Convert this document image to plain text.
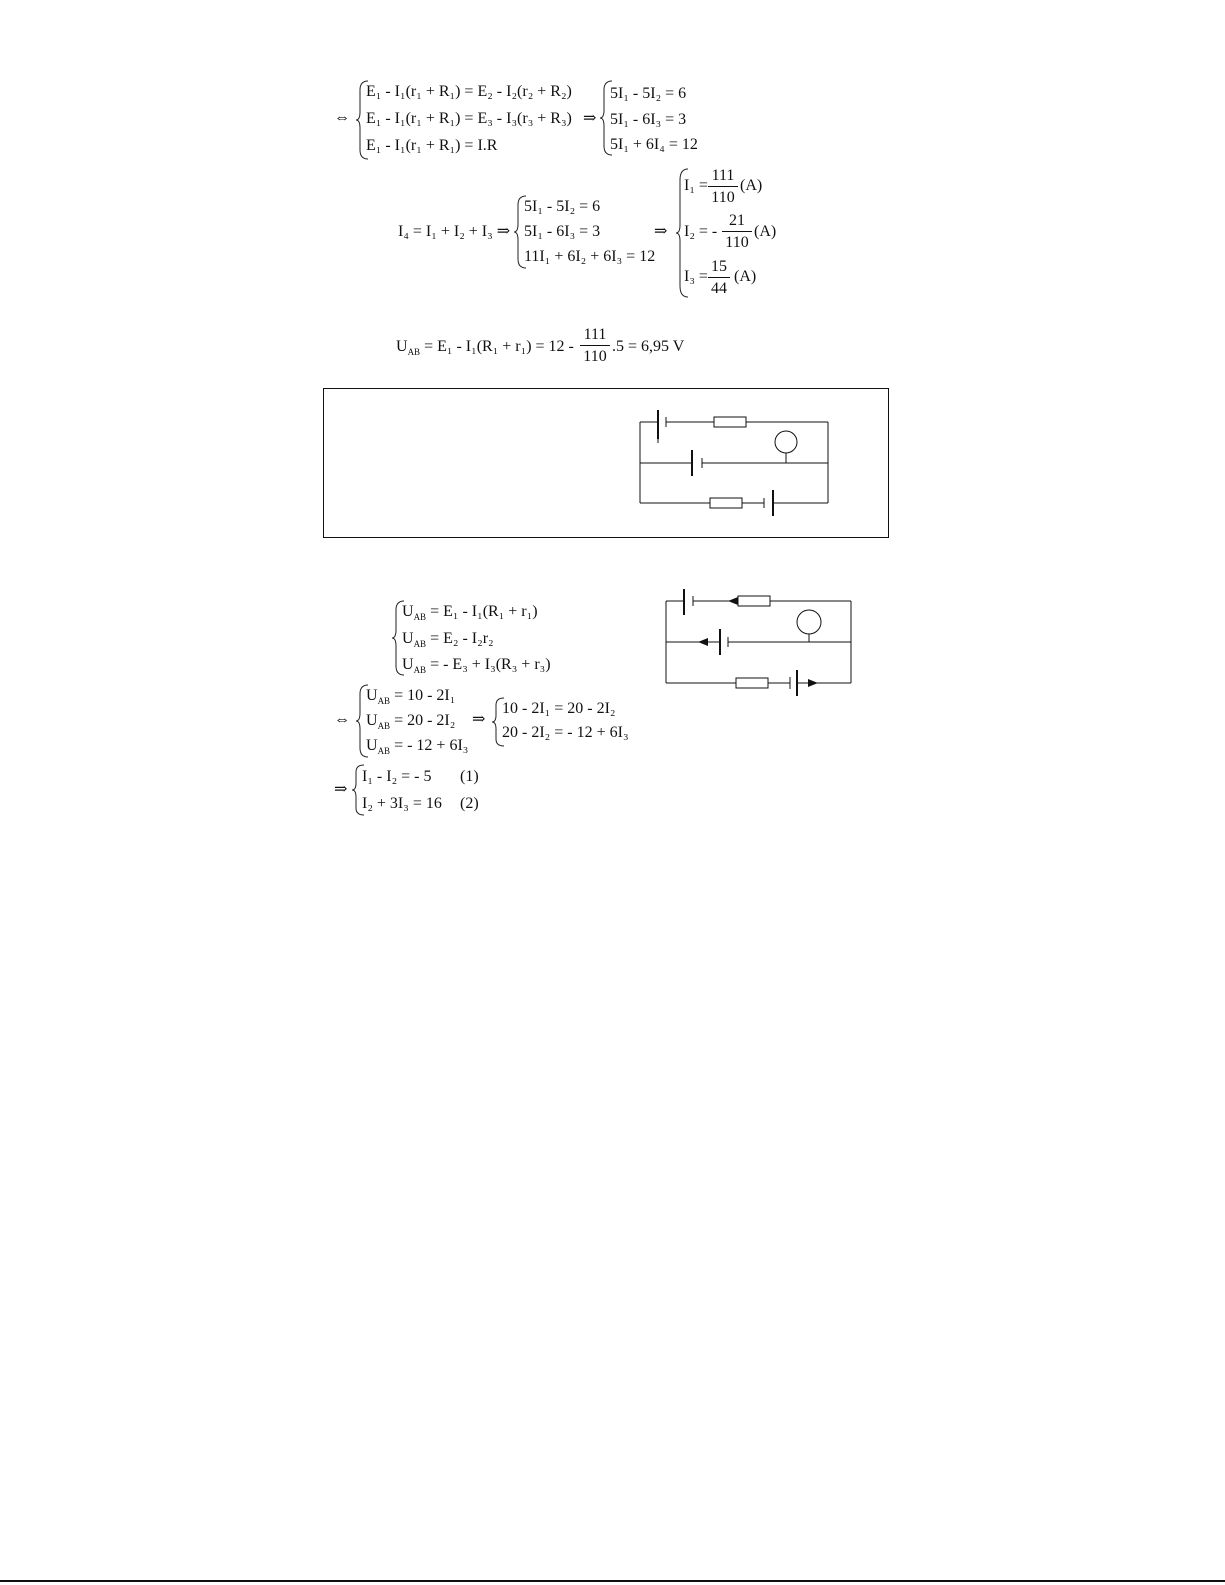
⇔
E₁ - I₁(r₁ + R₁) = E₂ - I₂(r₂ + R₂)
E₁ - I₁(r₁ + R₁) = E₃ - I₃(r₃ + R₃)
E₁ - I₁(r₁ + R₁) = I.R
⇒
5I₁ - 5I₂ = 6
5I₁ - 6I₃ = 3
5I₁ + 6I₄ = 12
I₄ = I₁ + I₂ + I₃ ⇒
5I₁ - 5I₂ = 6
5I₁ - 6I₃ = 3
11I₁ + 6I₂ + 6I₃ = 12
⇒
I₁ =
111
110
(A)
I₂ = -
21
110
(A)
I₃ =
15
44
(A)
$U_{AB} = E_1 - I_1(R_1 + r_1) = 12$ -
111
110
.5 = 6,95 V
$U_{AB} = E_1 - I_1(R_1 + r_1)$
$U_{AB} = E_2 - I_2r_2$
$U_{AB}$ = - E₃ + I₃(R₃ + r₃)
⇔
$U_{AB} = 10 - 2I_1$
$U_{AB} = 20 - 2I_2$
$U_{AB}$ = - 12 + 6I₃
⇒
10 - 2I₁ = 20 - 2I₂
20 - 2I₂ = - 12 + 6I₃
⇒
I₁ - I₂ = - 5 (1)
I₂ + 3I₃ = 16 (2)
